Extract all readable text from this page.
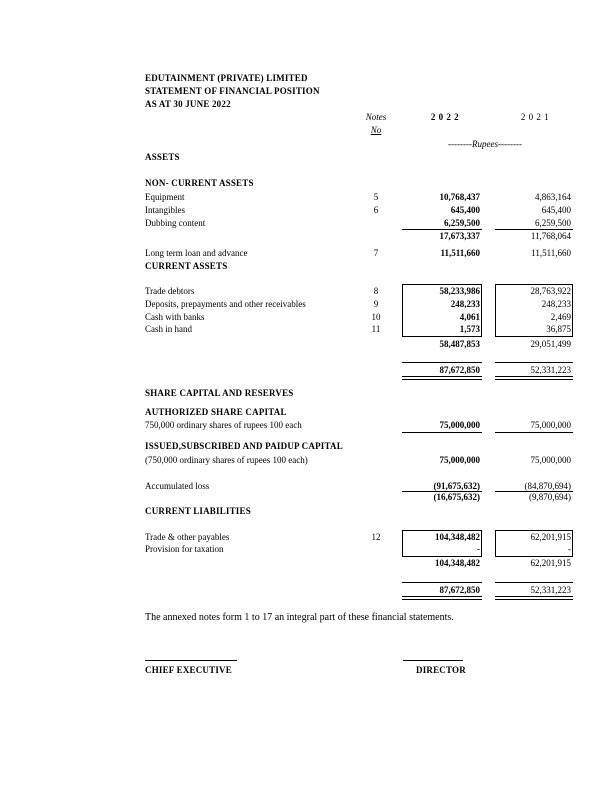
EDUTAINMENT (PRIVATE) LIMITED
STATEMENT OF FINANCIAL POSITION
AS AT 30 JUNE 2022
Notes
No
2 0 2 2	2 0 2 1
--------Rupees--------
ASSETS
NON- CURRENT ASSETS
Equipment	5	10,768,437	4,863,164
Intangibles	6	645,400	645,400
Dubbing content	6,259,500	6,259,500
17,673,337	11,768,064
Long term loan and advance	7	11,511,660	11,511,660
CURRENT ASSETS
Trade debtors	8	58,233,986	28,763,922
Deposits, prepayments and other receivables	9	248,233	248,233
Cash with banks	10	4,061	2,469
Cash in hand	11	1,573	36,875
58,487,853	29,051,499
87,672,850	52,331,223
SHARE CAPITAL AND RESERVES
AUTHORIZED SHARE CAPITAL
750,000 ordinary shares of rupees 100 each	75,000,000	75,000,000
ISSUED,SUBSCRIBED AND PAIDUP CAPITAL
(750,000 ordinary shares of rupees 100 each)	75,000,000	75,000,000
Accumulated loss	(91,675,632)	(84,870,694)
(16,675,632)	(9,870,694)
CURRENT LIABILITIES
Trade & other payables	12	104,348,482	62,201,915
Provision for taxation	-	-
104,348,482	62,201,915
87,672,850	52,331,223
The annexed notes form 1 to 17 an integral part of these financial statements.
CHIEF EXECUTIVE	DIRECTOR
